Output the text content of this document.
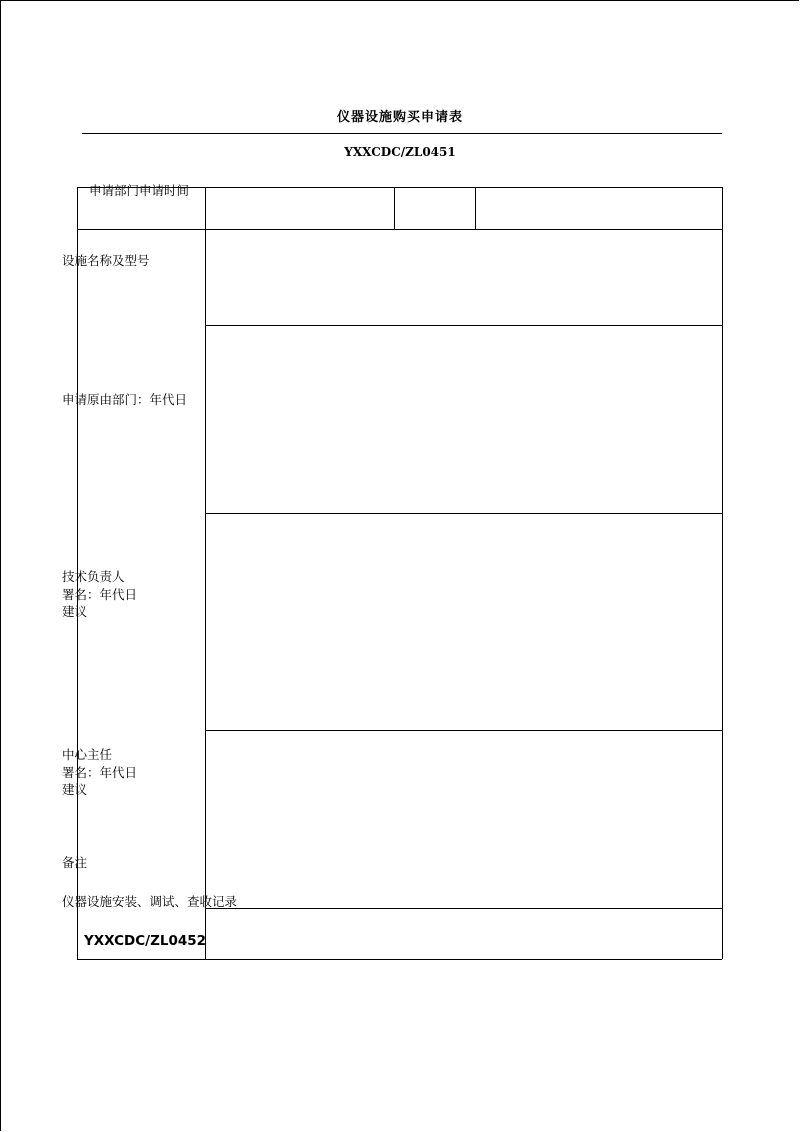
仪器设施购买申请表
YXXCDC/ZL0451
申请部门申请时间
设施名称及型号
申请原由部门：年代日
技术负责人
署名：年代日
建议
中心主任
署名：年代日
建议
备注
仪器设施安装、调试、查收记录
YXXCDC/ZL0452
